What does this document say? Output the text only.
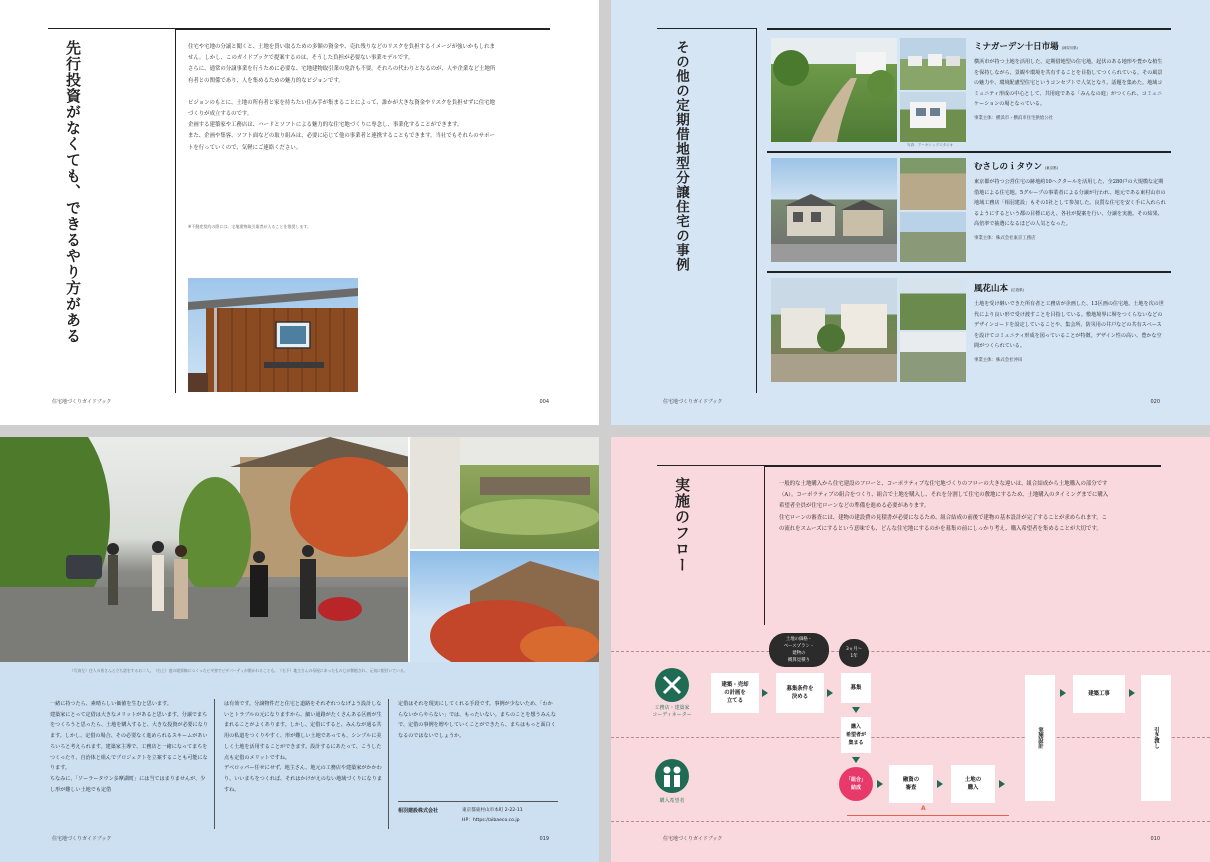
先行投資がなくても、できるやり方がある	住宅や宅地の分譲と聞くと、土地を買い取るための多額の資金や、売れ残りなどのリスクを負担するイメージが強いかもしれません。しかし、このガイドブックで提案するのは、そうした負担が必要ない事業モデルです。

さらに、通常の分譲事業を行うために必要な、宅地建物取引業の免許も不要。それらの代わりとなるのが、人や企業など土地所有者との関係であり、人を集めるための魅力的なビジョンです。

ビジョンのもとに、土地の所有者と家を持ちたい住み手が集まることによって、誰かが大きな資金やリスクを負担せずに住宅地づくりが成立するのです。

企画する建築家や工務店は、ハードとソフトによる魅力的な住宅地づくりに専念し、事業化することができます。

また、企画や集客、ソフト面などの取り組みは、必要に応じて他の事業者と連携することもできます。当社でもそれらのサポートを行っていくので、気軽にご連絡ください。

※不動産契約の際には、宅地建物取引業者が入ることを推奨します。
住宅地づくりガイドブック	004
その他の定期借地型分譲住宅の事例	写真：アーキシップスタジオ
ミナガーデン十日市場 (神奈川県)
横浜市が持つ土地を活用した、定期借地型の住宅地。起伏のある地形や豊かな植生を保持しながら、景観や環境を共有することを目指してつくられている。その風景の魅力や、環境配慮型住宅というコンセプトで人気となり、話題を集めた。地域コミュニティ形成の中心として、共用庭である「みんなの庭」がつくられ、コミュニケーションの場となっている。
事業主体：横浜市・横浜市住宅供給公社
むさしのｉタウン (東京都)
東京都が持つ公営住宅の跡地約10ヘクタールを活用した、全280戸の大規模な定期借地による住宅地。5グループの事業者による分譲が行われ、地元である東村山市の地域工務店「相羽建設」もその1社として参加した。良質な住宅を安く手に入れられるようにするという都の目標に応え、各社が提案を行い、分譲を実施。その結果、高倍率で抽選になるほどの人気となった。
事業主体：株式会社東京工務店
風花山本 (広島県)
土地を受け継いできた所有者と工務店が企画した、13区画の住宅地。土地を次の世代により良い形で受け渡すことを目指している。敷地境界に塀をつくらないなどのデザインコードを設定していることや、集会所、防災用の井戸などの共有スペースを設けてコミュニティ形成を図っていることが特徴。デザイン性の高い、豊かな空間がつくられている。
事業主体：株式会社沖田
住宅地づくりガイドブック	020
（写真左）住人の皆さんと立ち話をするお二人。（右上）庭の境界線につくったピザ窯でピザパーティが開かれることも。（右下）地主さんの母屋にあったもみじが移植され、元気に根付いている。
一緒に持つたら、素晴らしい価値を生むと思います。
建築家にとって定借は大きなメリットがあると思います。分譲でまちをつくろうと思ったら、土地を購入すると、大きな投資が必要になります。しかし、定借の場合、その必要なく進められるスキームがあいろいろと考えられます。建築家主導で、工務店と一緒になってまちをつくったり、自治体と組んでプロジェクトを立案することも可能になります。
ちなみに、「ソーラータウン多摩湖町」には当てはまりませんが、少し形が難しい土地でも定借
は有効です。分譲物件だと住宅と道路をそれぞれつなげよう設計しないとトラブルの元になりますから、細い通路がたくさんある区画が生まれることがよくあります。しかし、定借にすると、みんなが通る共用の私道をつくりやすく、形が難しい土地であっても、シンプルに美しく土地を活用することができます。設計するにあたって、こうした点も定借のメリットですね。
デベロッパー任せにせず、地主さん、地元の工務店や建築家がかかわり、いいまちをつくれば、それはかけがえのない地域づくりになりますね。
定借はそれを現実にしてくれる手段です。事例が少ないため、「わからないからやらない」では、もったいない。まちのことを想うみんなで、定借の事例を増やしていくことができたら、まちはもっと面白くなるのではないでしょうか。
相羽建設株式会社	東京都東村山市本町 2-22-11
HP：https://aibaeco.co.jp
住宅地づくりガイドブック	019
実施のフロー	一般的な土地購入から住宅建設のフローと、コーポラティブな住宅地づくりのフローの大きな違いは、組合結成から土地購入の部分です（A）。コーポラティブの組合をつくり、組合で土地を購入し、それを分割して住宅の敷地にするため、土地購入のタイミングまでに購入希望者全員が住宅ローンなどの準備を進める必要があります。

住宅ローンの審査には、建物の建設費の見積書が必要になるため、組合結成の前後で建物の基本設計が完了することが求められます。この流れをスムーズにするという意味でも、どんな住宅地にするのかを募集の前にしっかり考え、購入希望者を集めることが大切です。

工務店・建築家
コーディネーター
購入希望者
土地の価格・
ベースプラン・
建物の
概算見積り
3ヵ月〜
1年
建築・売却
の計画を
立てる
募集条件を
決める
募集
購入
希望者が
集まる
「組合」
結成
融資の
審査
土地の
購入
実施設計
建築工事
引き渡し
A
住宅地づくりガイドブック	010
